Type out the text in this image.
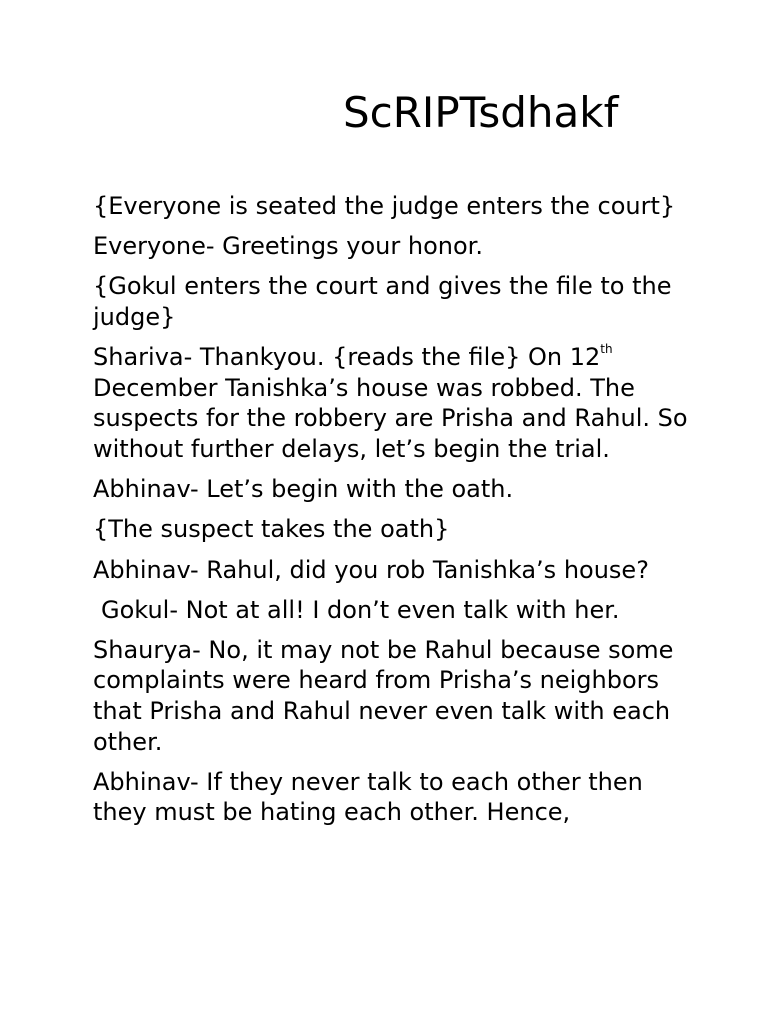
ScRIPTsdhakf

{Everyone is seated the judge enters the court}

Everyone- Greetings your honor.

{Gokul enters the court and gives the file to the judge}

Shariva- Thankyou. {reads the file} On 12th December Tanishka’s house was robbed. The suspects for the robbery are Prisha and Rahul. So without further delays, let’s begin the trial.

Abhinav- Let’s begin with the oath.

{The suspect takes the oath}

Abhinav- Rahul, did you rob Tanishka’s house?

Gokul- Not at all! I don’t even talk with her.

Shaurya- No, it may not be Rahul because some complaints were heard from Prisha’s neighbors that Prisha and Rahul never even talk with each other.

Abhinav- If they never talk to each other then they must be hating each other. Hence,
